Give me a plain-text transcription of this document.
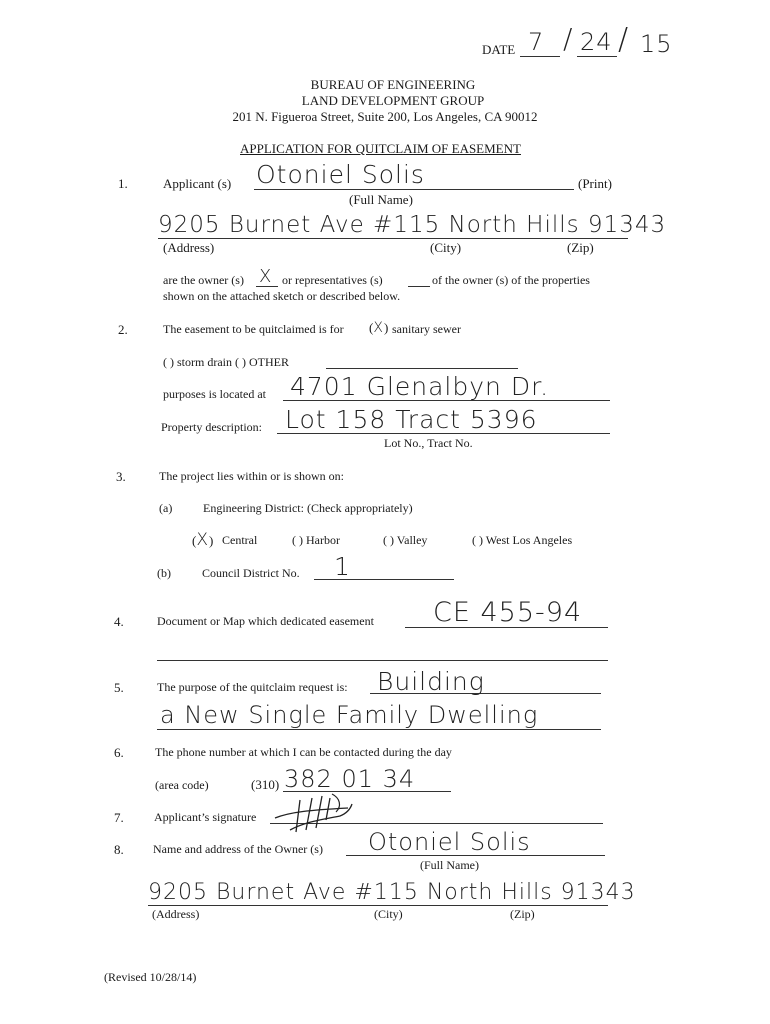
DATE 7 / 24 / 15
BUREAU OF ENGINEERING
LAND DEVELOPMENT GROUP
201 N. Figueroa Street, Suite 200, Los Angeles, CA 90012
APPLICATION FOR QUITCLAIM OF EASEMENT
1.	Applicant (s) Otoniel Solis	(Print)
(Full Name)
9205 Burnet Ave #115 North Hills 91343
(Address)	(City)	(Zip)
are the owner (s) X or representatives (s)	of the owner (s) of the properties
shown on the attached sketch or described below.
2.	The easement to be quitclaimed is for (X) sanitary sewer
( ) storm drain ( ) OTHER
purposes is located at 4701 Glenalbyn Dr.
Property description: Lot 158 Tract 5396
Lot No., Tract No.
3.	The project lies within or is shown on:
(a)	Engineering District: (Check appropriately)
(X) Central	( ) Harbor	( ) Valley	( ) West Los Angeles
(b)	Council District No. 1
4.	Document or Map which dedicated easement CE 455-94
5.	The purpose of the quitclaim request is: Building
a New Single Family Dwelling
6.	The phone number at which I can be contacted during the day
(area code)	(310) 382 01 34
7.	Applicant’s signature
8. Name and address of the Owner (s) Otoniel Solis
(Full Name)
9205 Burnet Ave #115 North Hills 91343
(Address)	(City)	(Zip)
(Revised 10/28/14)
